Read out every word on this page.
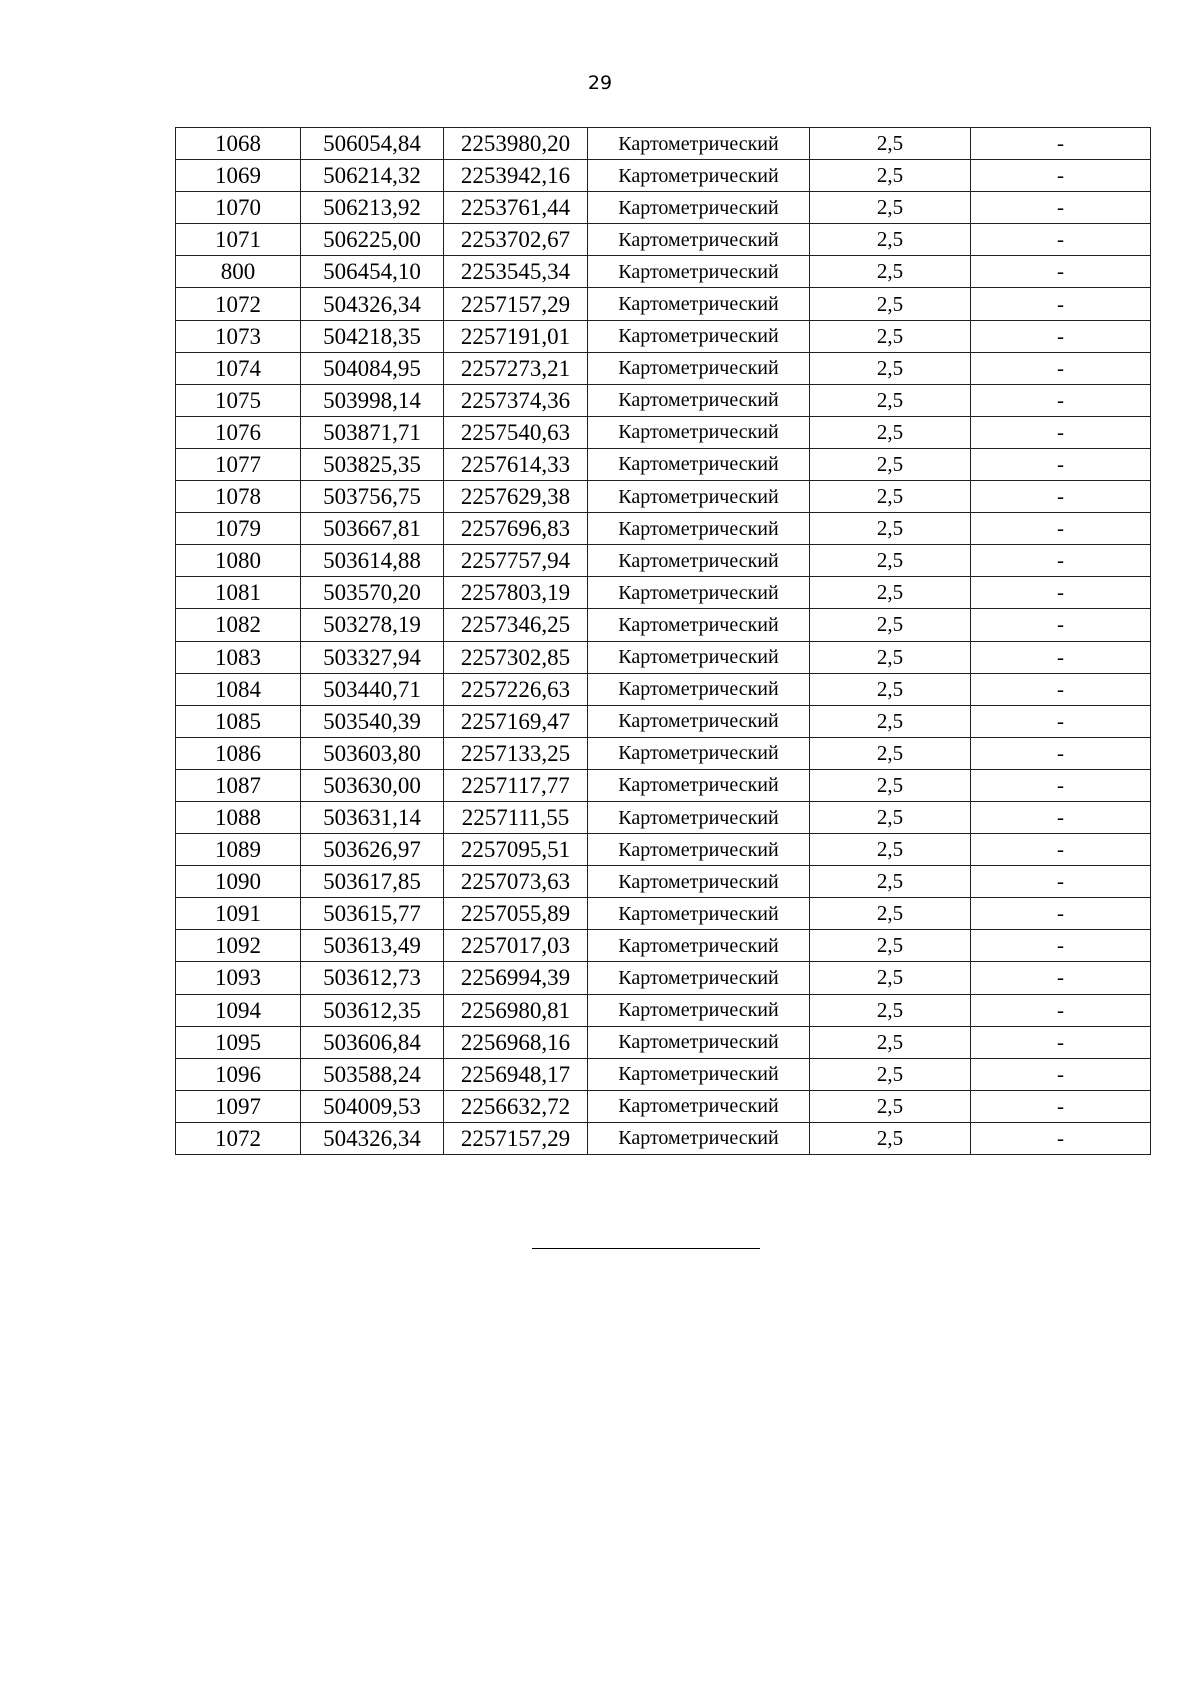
29
1068	506054,84	2253980,20	Картометрический	2,5	-
1069	506214,32	2253942,16	Картометрический	2,5	-
1070	506213,92	2253761,44	Картометрический	2,5	-
1071	506225,00	2253702,67	Картометрический	2,5	-
800	506454,10	2253545,34	Картометрический	2,5	-
1072	504326,34	2257157,29	Картометрический	2,5	-
1073	504218,35	2257191,01	Картометрический	2,5	-
1074	504084,95	2257273,21	Картометрический	2,5	-
1075	503998,14	2257374,36	Картометрический	2,5	-
1076	503871,71	2257540,63	Картометрический	2,5	-
1077	503825,35	2257614,33	Картометрический	2,5	-
1078	503756,75	2257629,38	Картометрический	2,5	-
1079	503667,81	2257696,83	Картометрический	2,5	-
1080	503614,88	2257757,94	Картометрический	2,5	-
1081	503570,20	2257803,19	Картометрический	2,5	-
1082	503278,19	2257346,25	Картометрический	2,5	-
1083	503327,94	2257302,85	Картометрический	2,5	-
1084	503440,71	2257226,63	Картометрический	2,5	-
1085	503540,39	2257169,47	Картометрический	2,5	-
1086	503603,80	2257133,25	Картометрический	2,5	-
1087	503630,00	2257117,77	Картометрический	2,5	-
1088	503631,14	2257111,55	Картометрический	2,5	-
1089	503626,97	2257095,51	Картометрический	2,5	-
1090	503617,85	2257073,63	Картометрический	2,5	-
1091	503615,77	2257055,89	Картометрический	2,5	-
1092	503613,49	2257017,03	Картометрический	2,5	-
1093	503612,73	2256994,39	Картометрический	2,5	-
1094	503612,35	2256980,81	Картометрический	2,5	-
1095	503606,84	2256968,16	Картометрический	2,5	-
1096	503588,24	2256948,17	Картометрический	2,5	-
1097	504009,53	2256632,72	Картометрический	2,5	-
1072	504326,34	2257157,29	Картометрический	2,5	-
